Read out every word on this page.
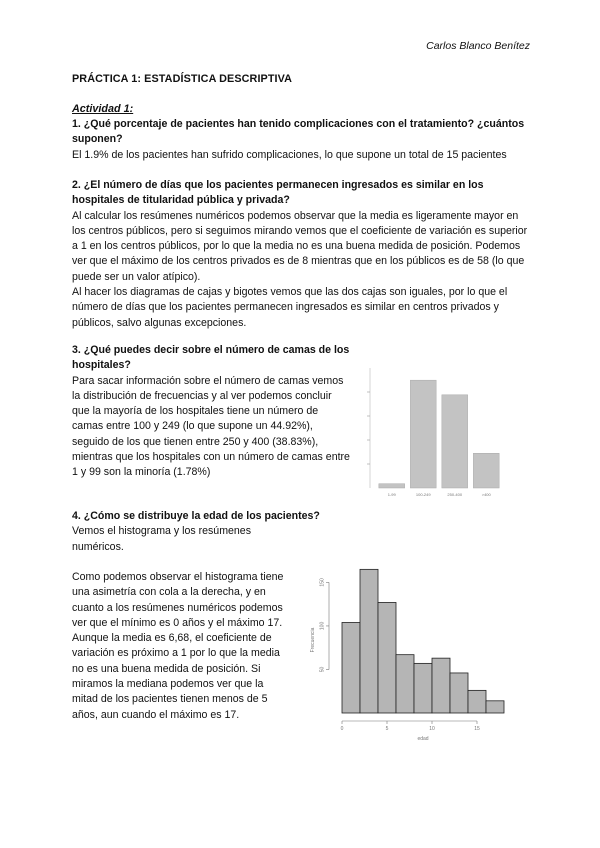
Carlos Blanco Benítez
PRÁCTICA 1: ESTADÍSTICA DESCRIPTIVA
Actividad 1:

1. ¿Qué porcentaje de pacientes han tenido complicaciones con el tratamiento? ¿cuántos suponen?

El 1.9% de los pacientes han sufrido complicaciones, lo que supone un total de 15 pacientes

2. ¿El número de días que los pacientes permanecen ingresados es similar en los hospitales de titularidad pública y privada?

Al calcular los resúmenes numéricos podemos observar que la media es ligeramente mayor en los centros públicos, pero si seguimos mirando vemos que el coeficiente de variación es superior a 1 en los centros públicos, por lo que la media no es una buena medida de posición. Podemos ver que el máximo de los centros privados es de 8 mientras que en los públicos es de 58 (lo que puede ser un valor atípico).

Al hacer los diagramas de cajas y bigotes vemos que las dos cajas son iguales, por lo que el número de días que los pacientes permanecen ingresados es similar en centros privados y públicos, salvo algunas excepciones.

3. ¿Qué puedes decir sobre el número de camas de los hospitales?

Para sacar información sobre el número de camas vemos la distribución de frecuencias y al ver podemos concluir que la mayoría de los hospitales tiene un número de camas entre 100 y 249 (lo que supone un 44.92%), seguido de los que tienen entre 250 y 400 (38.83%), mientras que los hospitales con un número de camas entre 1 y 99 son la minoría (1.78%)

1-99	100-249	250-400	>400

4. ¿Cómo se distribuye la edad de los pacientes?

Vemos el histograma y los resúmenes numéricos.

Como podemos observar el histograma tiene una asimetría con cola a la derecha, y en cuanto a los resúmenes numéricos podemos ver que el mínimo es 0 años y el máximo 17. Aunque la media es 6,68, el coeficiente de variación es próximo a 1 por lo que la media no es una buena medida de posición. Si miramos la mediana podemos ver que la mitad de los pacientes tienen menos de 5 años, aun cuando el máximo es 17.

50
100
150
Frecuencia
0	5	10	15
edad
